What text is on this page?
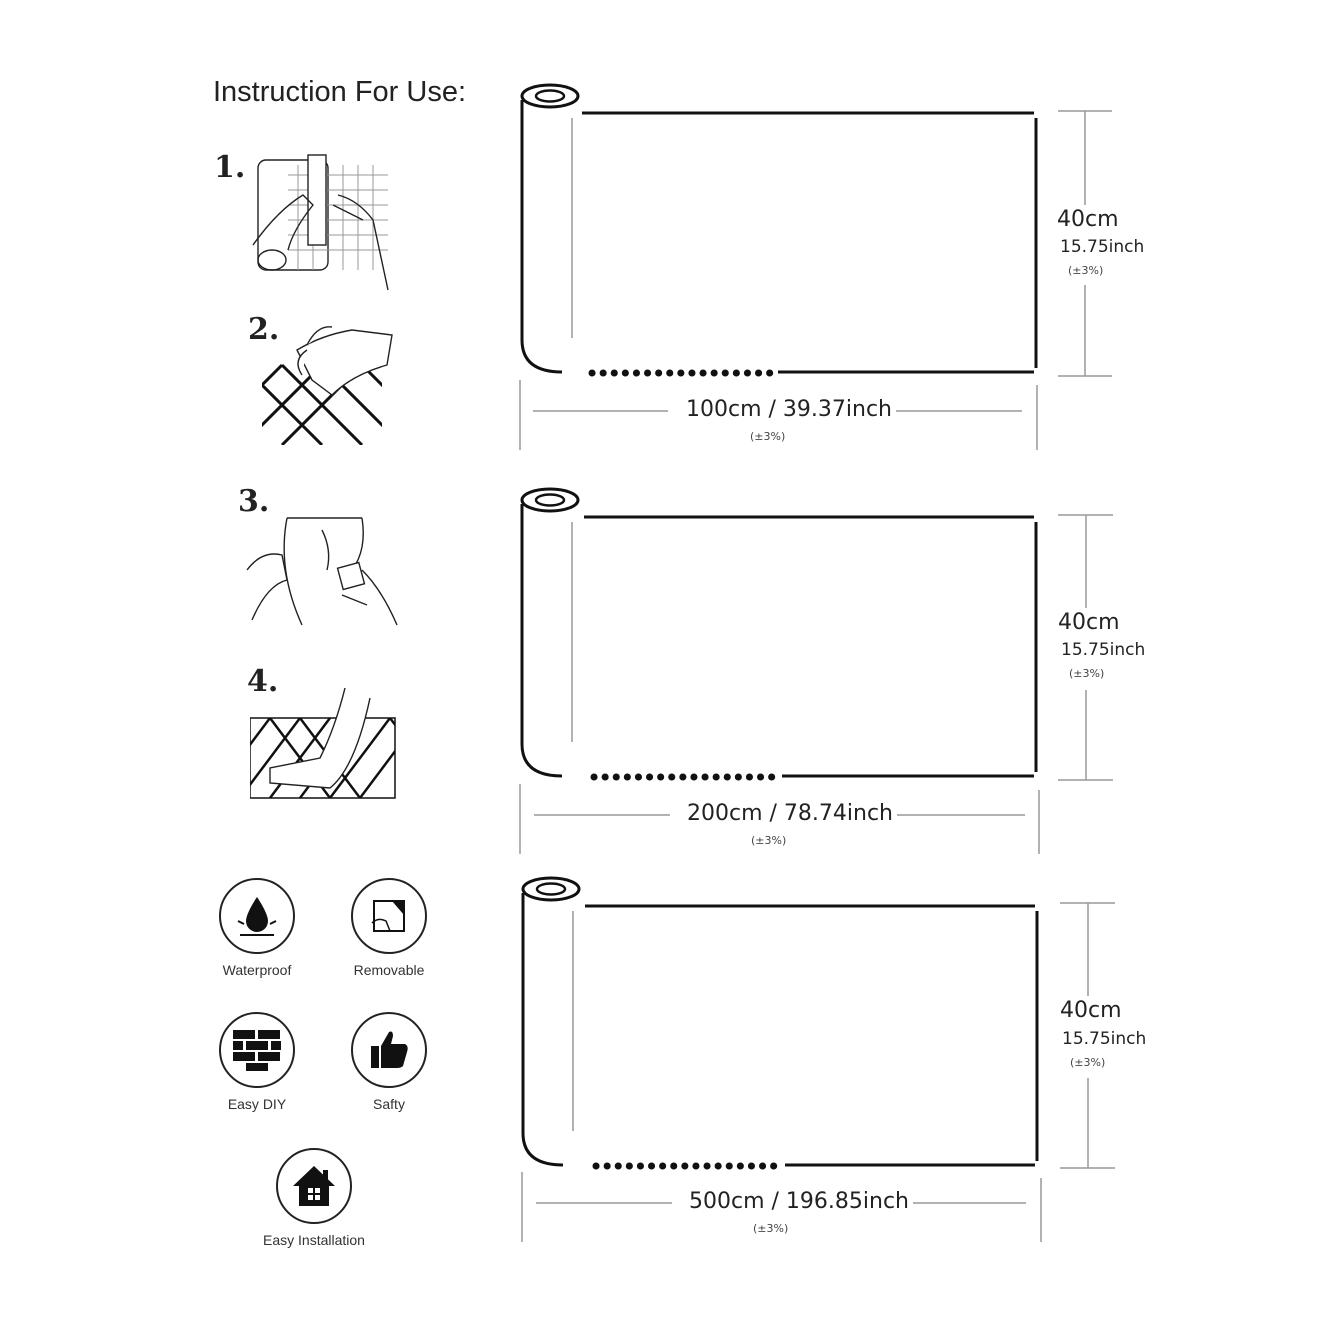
Instruction For Use:
1.
2.
3.
4.
Waterproof	Removable
Easy DIY	Safty
Easy Installation
40cm
15.75inch
(±3%)
100cm / 39.37inch
(±3%)
40cm
15.75inch
(±3%)
200cm / 78.74inch
(±3%)
40cm
15.75inch
(±3%)
500cm / 196.85inch
(±3%)
